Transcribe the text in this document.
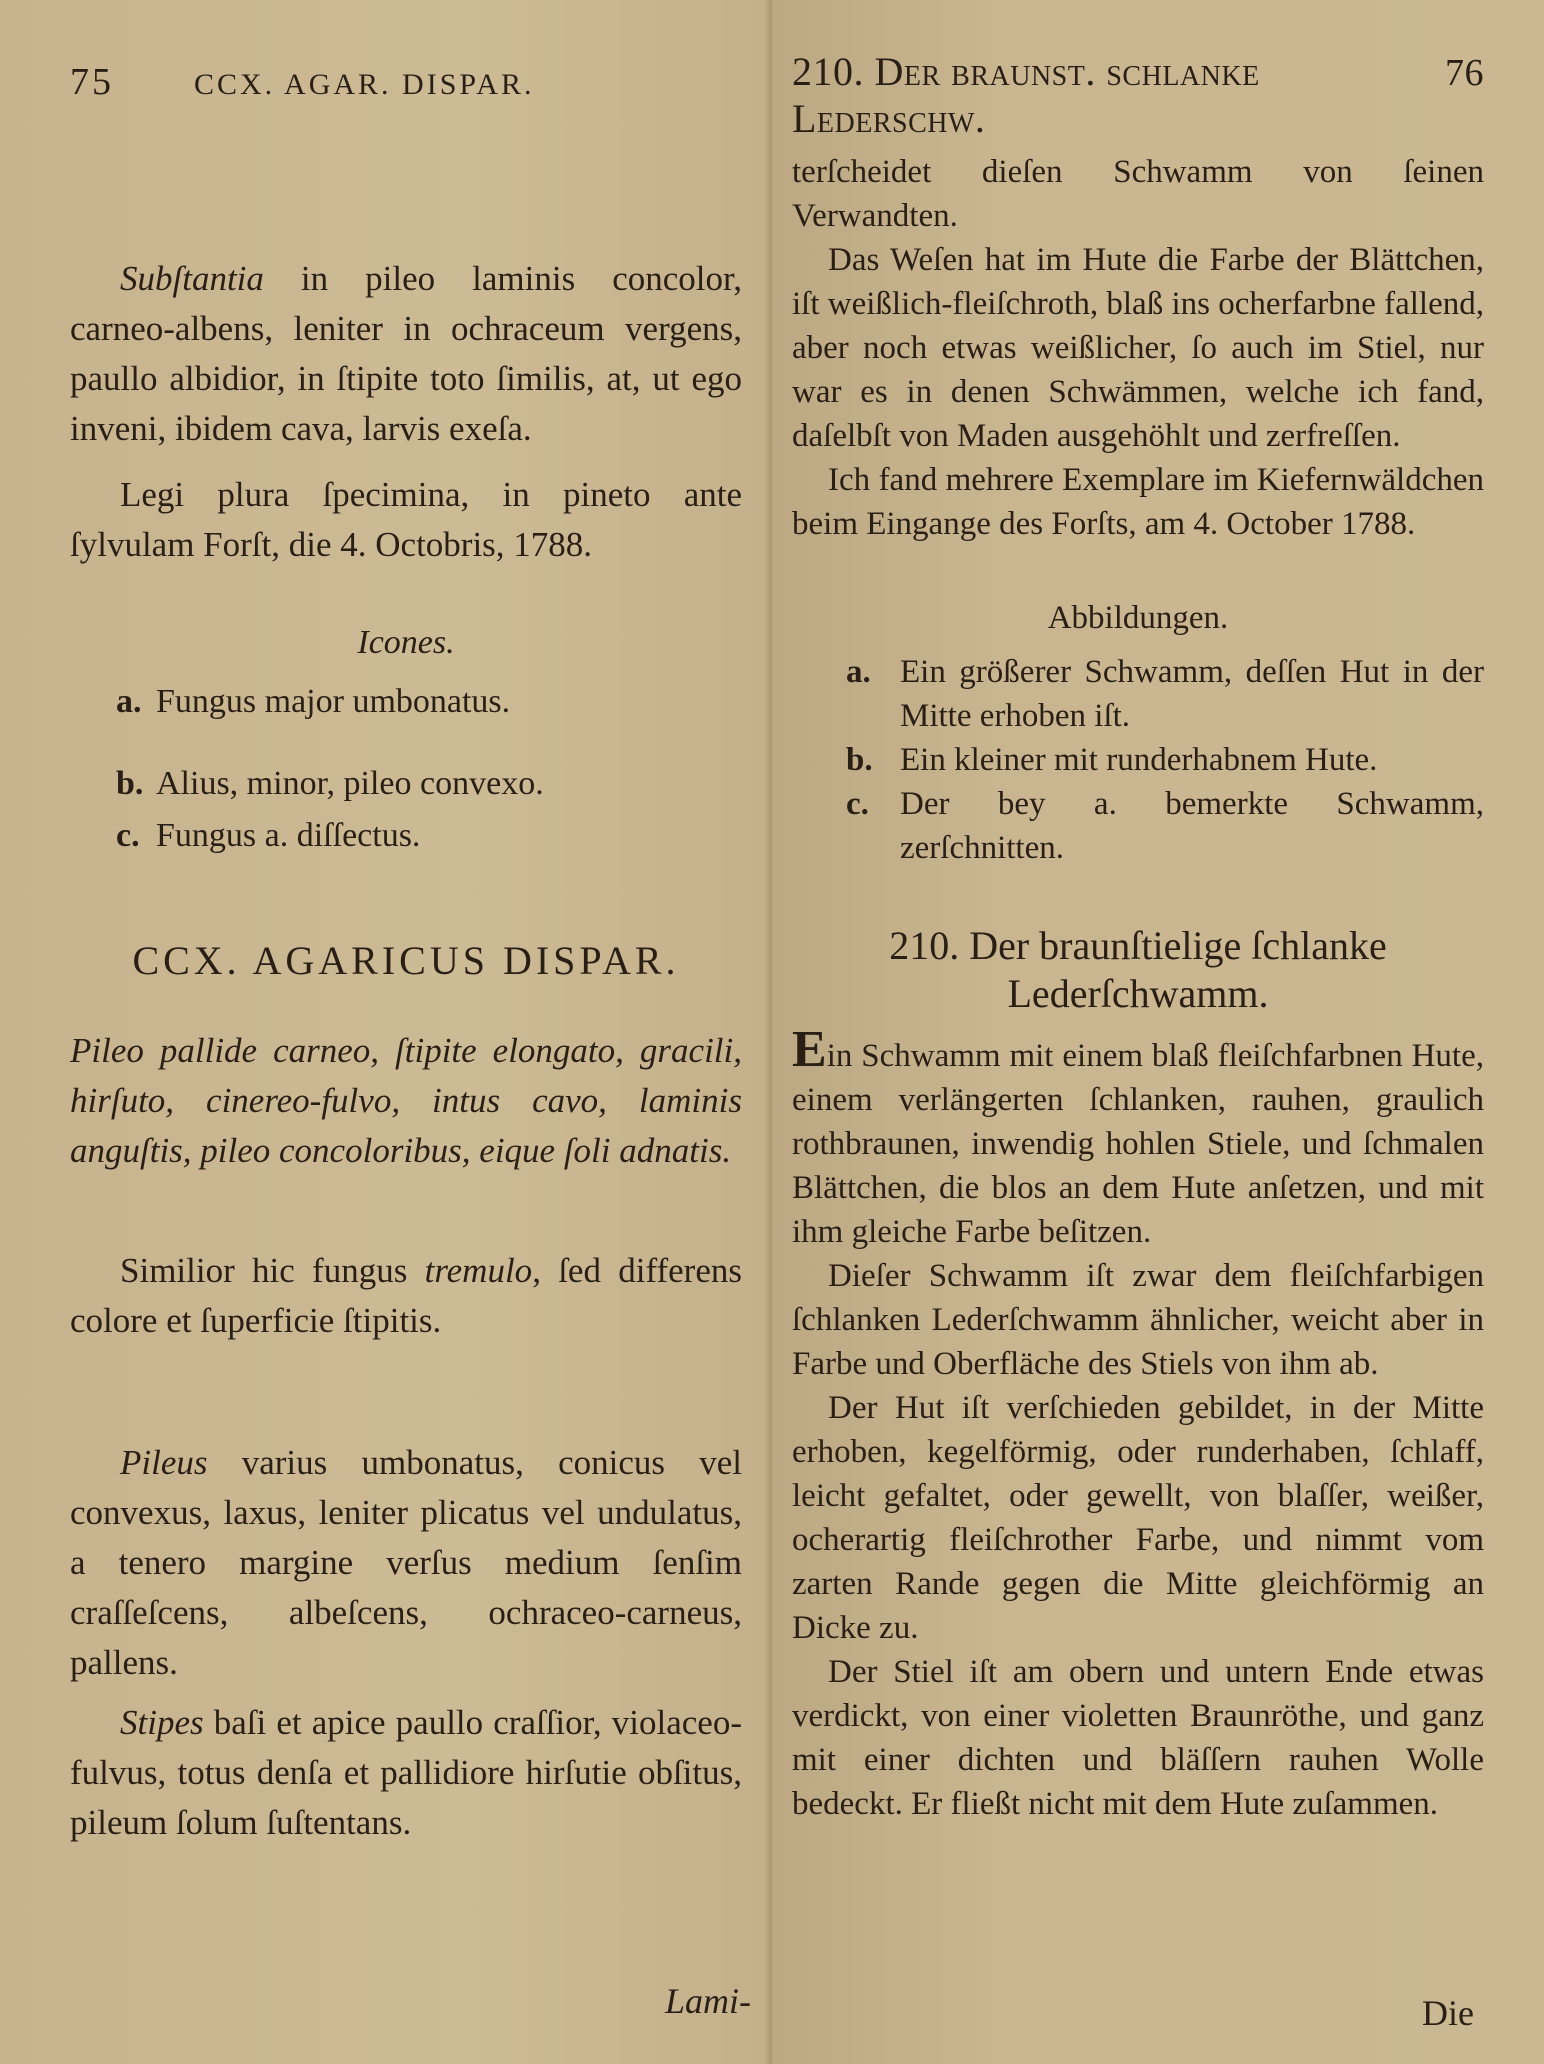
75	CCX. AGAR. DISPAR.

Subſtantia in pileo laminis concolor, carneo-albens, leniter in ochraceum vergens, paullo albidior, in ſtipite toto ſimilis, at, ut ego inveni, ibidem cava, larvis exeſa.

Legi plura ſpecimina, in pineto ante ſylvulam Forſt, die 4. Octobris, 1788.

Icones.
a. Fungus major umbonatus.
b. Alius, minor, pileo convexo.
c. Fungus a. diſſectus.
CCX. AGARICUS DISPAR.

Pileo pallide carneo, ſtipite elongato, gracili, hirſuto, cinereo-fulvo, intus cavo, laminis anguſtis, pileo concoloribus, eique ſoli adnatis.

Similior hic fungus tremulo, ſed differens colore et ſuperficie ſtipitis.

Pileus varius umbonatus, conicus vel convexus, laxus, leniter plicatus vel undulatus, a tenero margine verſus medium ſenſim craſſeſcens, albeſcens, ochraceo-carneus, pallens.

Stipes baſi et apice paullo craſſior, violaceo-fulvus, totus denſa et pallidiore hirſutie obſitus, pileum ſolum ſuſtentans.

Lami-
210. Der braunſt. ſchlanke Lederſchw.
76

terſcheidet dieſen Schwamm von ſeinen Verwandten.

Das Weſen hat im Hute die Farbe der Blättchen, iſt weißlich-fleiſchroth, blaß ins ocherfarbne fallend, aber noch etwas weißlicher, ſo auch im Stiel, nur war es in denen Schwämmen, welche ich fand, daſelbſt von Maden ausgehöhlt und zerfreſſen.

Ich fand mehrere Exemplare im Kiefernwäldchen beim Eingange des Forſts, am 4. October 1788.

Abbildungen.
a. Ein größerer Schwamm, deſſen Hut in der Mitte erhoben iſt.
b. Ein kleiner mit runderhabnem Hute.
c. Der bey a. bemerkte Schwamm, zerſchnitten.
210. Der braunſtielige ſchlanke Lederſchwamm.

Ein Schwamm mit einem blaß fleiſchfarbnen Hute, einem verlängerten ſchlanken, rauhen, graulich rothbraunen, inwendig hohlen Stiele, und ſchmalen Blättchen, die blos an dem Hute anſetzen, und mit ihm gleiche Farbe beſitzen.

Dieſer Schwamm iſt zwar dem fleiſchfarbigen ſchlanken Lederſchwamm ähnlicher, weicht aber in Farbe und Oberfläche des Stiels von ihm ab.

Der Hut iſt verſchieden gebildet, in der Mitte erhoben, kegelförmig, oder runderhaben, ſchlaff, leicht gefaltet, oder gewellt, von blaſſer, weißer, ocherartig fleiſchrother Farbe, und nimmt vom zarten Rande gegen die Mitte gleichförmig an Dicke zu.

Der Stiel iſt am obern und untern Ende etwas verdickt, von einer violetten Braunröthe, und ganz mit einer dichten und bläſſern rauhen Wolle bedeckt. Er fließt nicht mit dem Hute zuſammen.

Die
